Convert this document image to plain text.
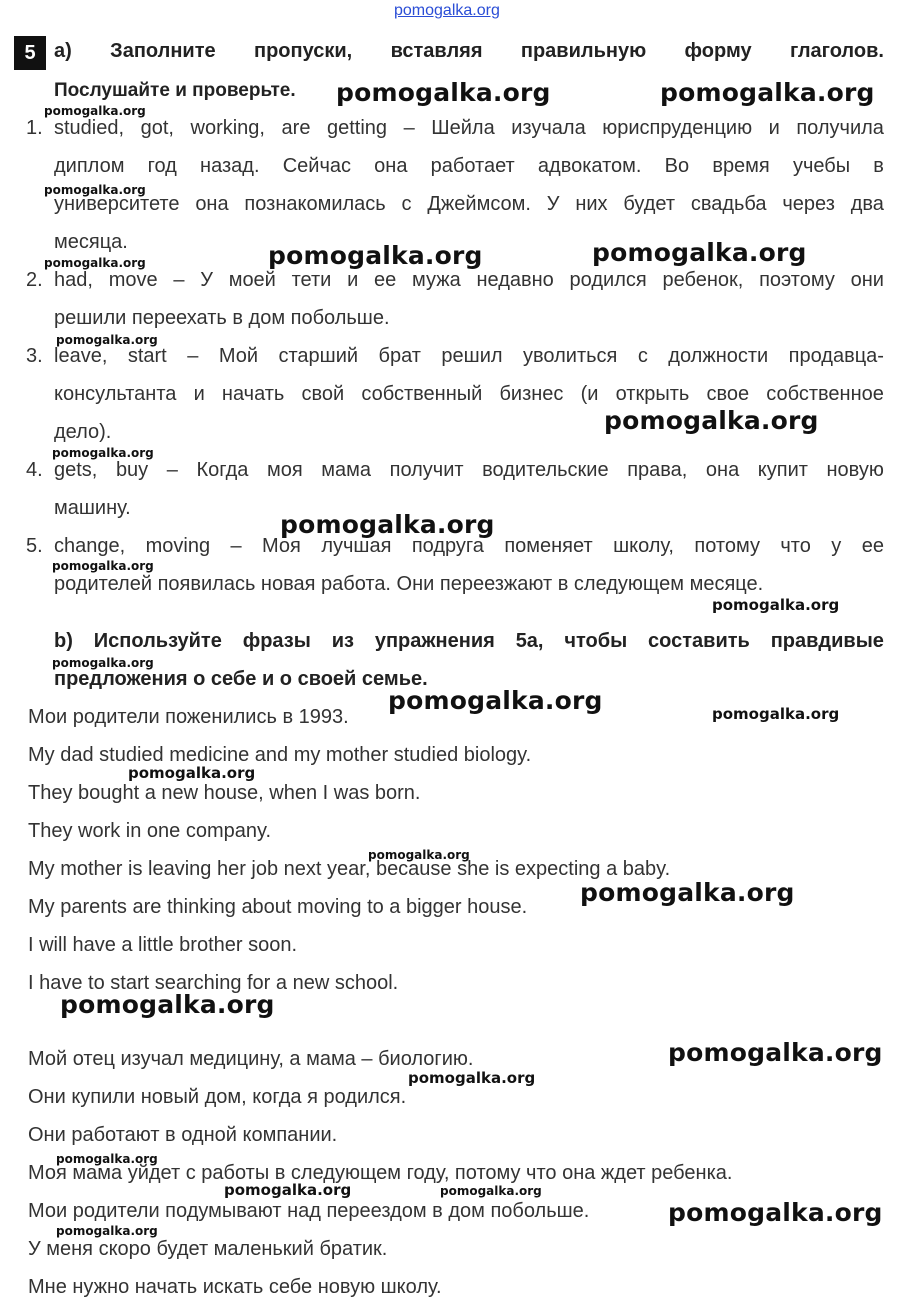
pomogalka.org
5 a) Заполните пропуски, вставляя правильную форму глаголов.
Послушайте и проверьте.
1. studied, got, working, are getting – Шейла изучала юриспруденцию и получила
диплом год назад. Сейчас она работает адвокатом. Во время учебы в
университете она познакомилась с Джеймсом. У них будет свадьба через два
месяца.
2. had, move – У моей тети и ее мужа недавно родился ребенок, поэтому они
решили переехать в дом побольше.
3. leave, start – Мой старший брат решил уволиться с должности продавца-
консультанта и начать свой собственный бизнес (и открыть свое собственное
дело).
4. gets, buy – Когда моя мама получит водительские права, она купит новую
машину.
5. change, moving – Моя лучшая подруга поменяет школу, потому что у ее
родителей появилась новая работа. Они переезжают в следующем месяце.
b) Используйте фразы из упражнения 5a, чтобы составить правдивые
предложения о себе и о своей семье.
Мои родители поженились в 1993.
My dad studied medicine and my mother studied biology.
They bought a new house, when I was born.
They work in one company.
My mother is leaving her job next year, because she is expecting a baby.
My parents are thinking about moving to a bigger house.
I will have a little brother soon.
I have to start searching for a new school.
Мой отец изучал медицину, а мама – биологию.
Они купили новый дом, когда я родился.
Они работают в одной компании.
Моя мама уйдет с работы в следующем году, потому что она ждет ребенка.
Мои родители подумывают над переездом в дом побольше.
У меня скоро будет маленький братик.
Мне нужно начать искать себе новую школу.
pomogalka.org	pomogalka.org
pomogalka.org	pomogalka.org
pomogalka.org
pomogalka.org
pomogalka.org
pomogalka.org
pomogalka.org
pomogalka.org
pomogalka.org
pomogalka.org
pomogalka.org
pomogalka.org
pomogalka.org
pomogalka.org
pomogalka.org
pomogalka.org
pomogalka.org
pomogalka.org
pomogalka.org
pomogalka.org
pomogalka.org
pomogalka.org
pomogalka.org
pomogalka.org
pomogalka.org
